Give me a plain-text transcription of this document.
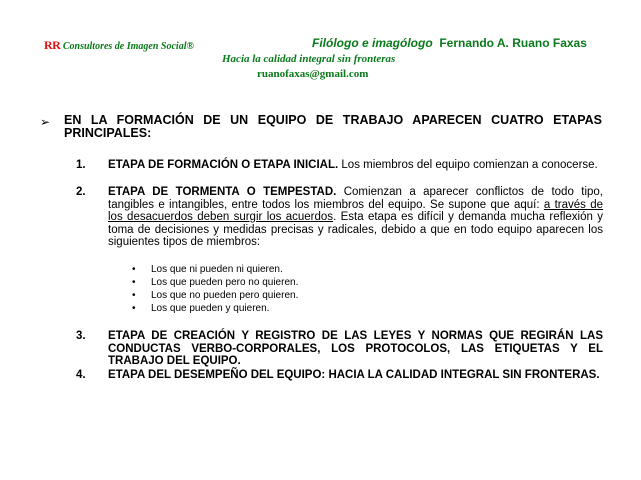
RR Consultores de Imagen Social®	Filólogo e imagólogo Fernando A. Ruano Faxas
Hacia la calidad integral sin fronteras
ruanofaxas@gmail.com
➢ EN LA FORMACIÓN DE UN EQUIPO DE TRABAJO APARECEN CUATRO ETAPAS PRINCIPALES:
1. ETAPA DE FORMACIÓN O ETAPA INICIAL. Los miembros del equipo comienzan a conocerse.
2. ETAPA DE TORMENTA O TEMPESTAD. Comienzan a aparecer conflictos de todo tipo, tangibles e intangibles, entre todos los miembros del equipo. Se supone que aquí: a través de los desacuerdos deben surgir los acuerdos. Esta etapa es difícil y demanda mucha reflexión y toma de decisiones y medidas precisas y radicales, debido a que en todo equipo aparecen los siguientes tipos de miembros:
• Los que ni pueden ni quieren.
• Los que pueden pero no quieren.
• Los que no pueden pero quieren.
• Los que pueden y quieren.
3. ETAPA DE CREACIÓN Y REGISTRO DE LAS LEYES Y NORMAS QUE REGIRÁN LAS CONDUCTAS VERBO-CORPORALES, LOS PROTOCOLOS, LAS ETIQUETAS Y EL TRABAJO DEL EQUIPO.
4. ETAPA DEL DESEMPEÑO DEL EQUIPO: HACIA LA CALIDAD INTEGRAL SIN FRONTERAS.
